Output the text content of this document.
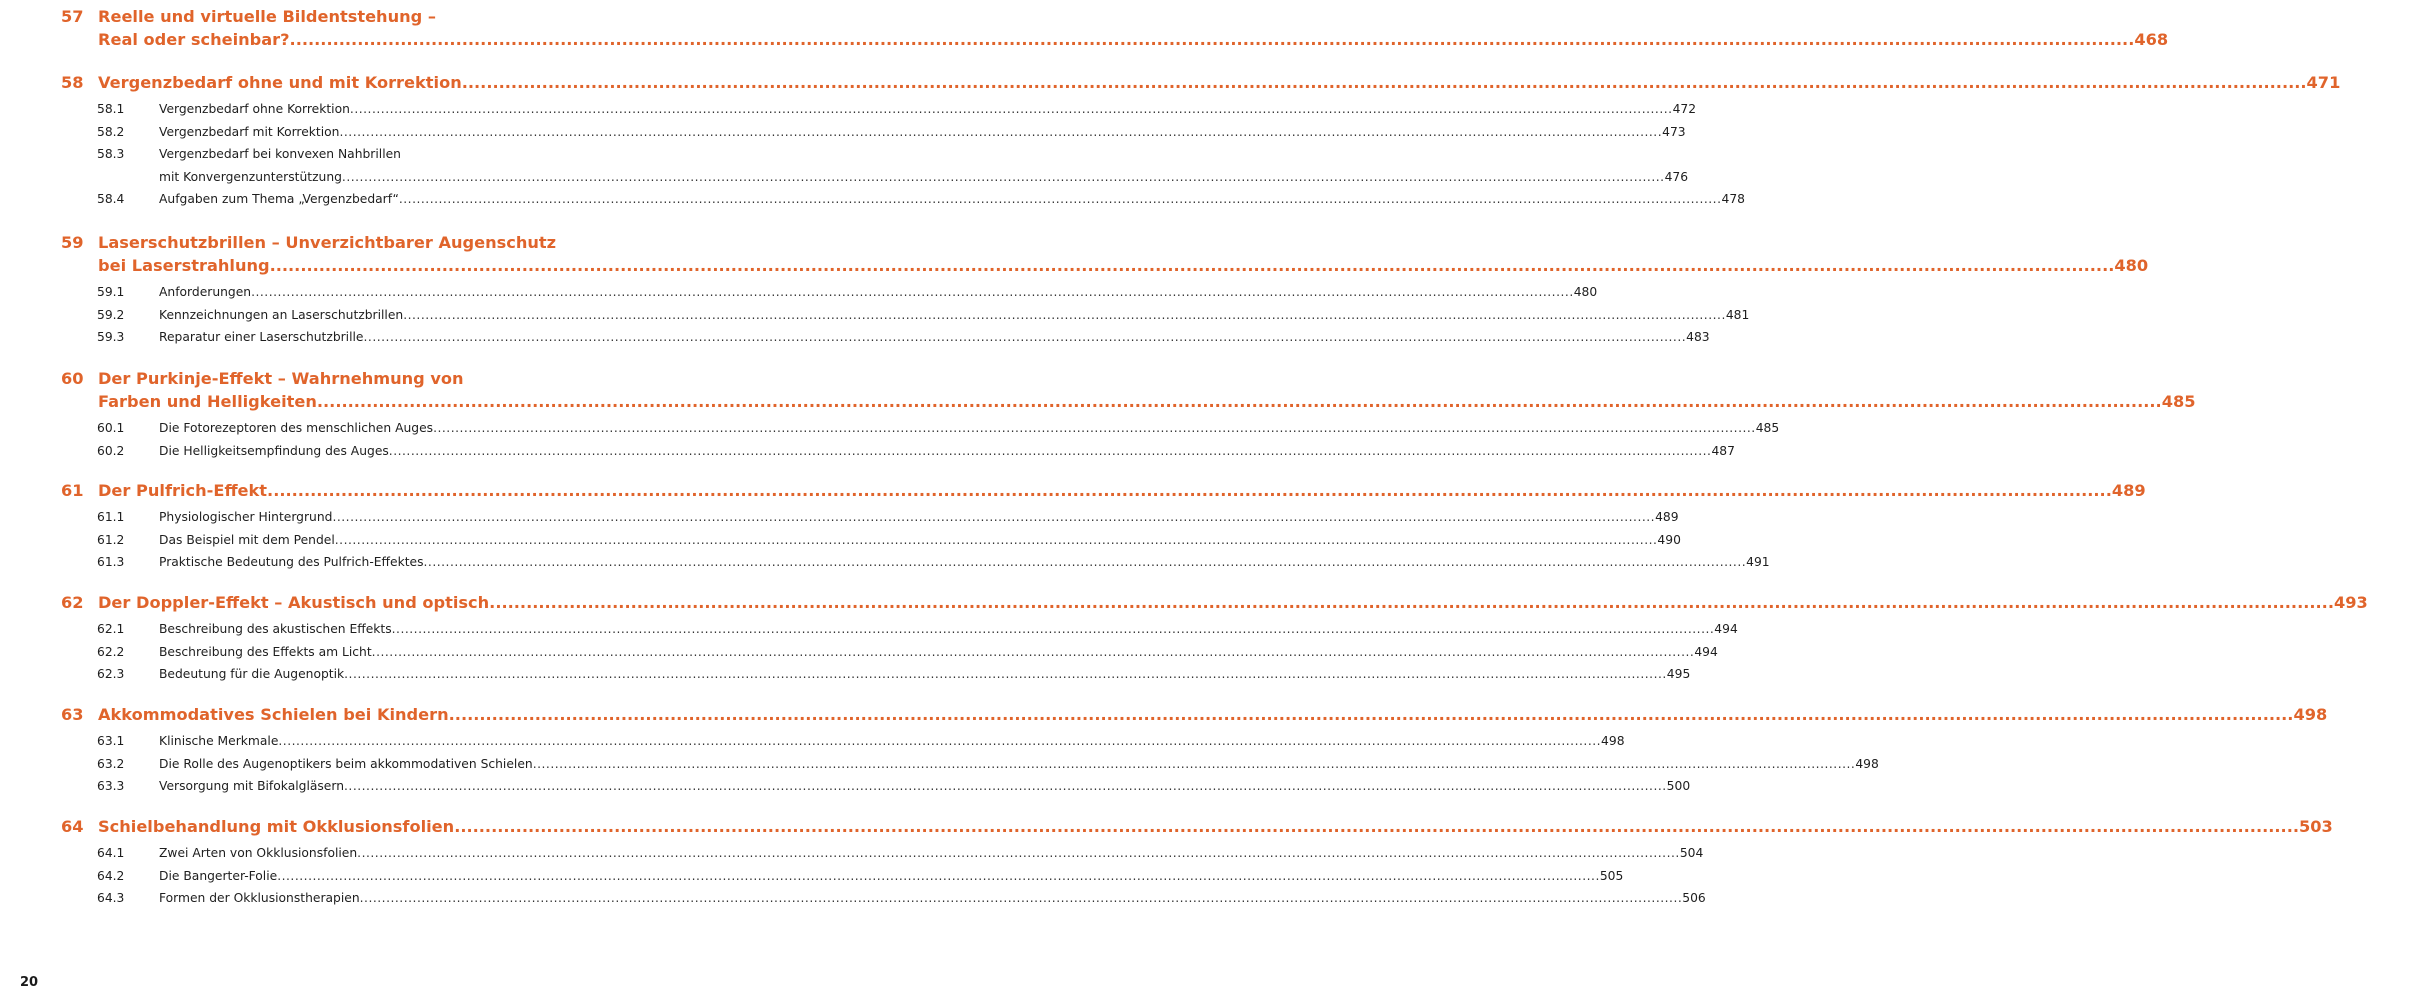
57 Reelle und virtuelle Bildentstehung –
Real oder scheinbar? ............................................................................................................................................................................................................................................................................................................ 468
58 Vergenzbedarf ohne und mit Korrektion ............................................................................................................................................................................................................................................................................................................ 471
58.1	Vergenzbedarf ohne Korrektion ............................................................................................................................................................................................................................................................................................................ 472
58.2	Vergenzbedarf mit Korrektion ............................................................................................................................................................................................................................................................................................................ 473
58.3	Vergenzbedarf bei konvexen Nahbrillen
mit Konvergenzunterstützung ............................................................................................................................................................................................................................................................................................................ 476
58.4	Aufgaben zum Thema „Vergenzbedarf“ ............................................................................................................................................................................................................................................................................................................ 478
59 Laserschutzbrillen – Unverzichtbarer Augenschutz
bei Laserstrahlung ............................................................................................................................................................................................................................................................................................................ 480
59.1	Anforderungen ............................................................................................................................................................................................................................................................................................................ 480
59.2	Kennzeichnungen an Laserschutzbrillen ............................................................................................................................................................................................................................................................................................................ 481
59.3	Reparatur einer Laserschutzbrille ............................................................................................................................................................................................................................................................................................................ 483
60 Der Purkinje-Effekt – Wahrnehmung von
Farben und Helligkeiten ............................................................................................................................................................................................................................................................................................................ 485
60.1	Die Fotorezeptoren des menschlichen Auges ............................................................................................................................................................................................................................................................................................................ 485
60.2	Die Helligkeitsempfindung des Auges ............................................................................................................................................................................................................................................................................................................ 487
61 Der Pulfrich-Effekt ............................................................................................................................................................................................................................................................................................................ 489
61.1	Physiologischer Hintergrund ............................................................................................................................................................................................................................................................................................................ 489
61.2	Das Beispiel mit dem Pendel ............................................................................................................................................................................................................................................................................................................ 490
61.3	Praktische Bedeutung des Pulfrich-Effektes ............................................................................................................................................................................................................................................................................................................ 491
62 Der Doppler-Effekt – Akustisch und optisch ............................................................................................................................................................................................................................................................................................................ 493
62.1	Beschreibung des akustischen Effekts ............................................................................................................................................................................................................................................................................................................ 494
62.2	Beschreibung des Effekts am Licht ............................................................................................................................................................................................................................................................................................................ 494
62.3	Bedeutung für die Augenoptik ............................................................................................................................................................................................................................................................................................................ 495
63 Akkommodatives Schielen bei Kindern ............................................................................................................................................................................................................................................................................................................ 498
63.1	Klinische Merkmale ............................................................................................................................................................................................................................................................................................................ 498
63.2	Die Rolle des Augenoptikers beim akkommodativen Schielen ............................................................................................................................................................................................................................................................................................................ 498
63.3	Versorgung mit Bifokalgläsern ............................................................................................................................................................................................................................................................................................................ 500
64 Schielbehandlung mit Okklusionsfolien ............................................................................................................................................................................................................................................................................................................ 503
64.1	Zwei Arten von Okklusionsfolien ............................................................................................................................................................................................................................................................................................................ 504
64.2	Die Bangerter-Folie ............................................................................................................................................................................................................................................................................................................ 505
64.3	Formen der Okklusionstherapien ............................................................................................................................................................................................................................................................................................................ 506
20
